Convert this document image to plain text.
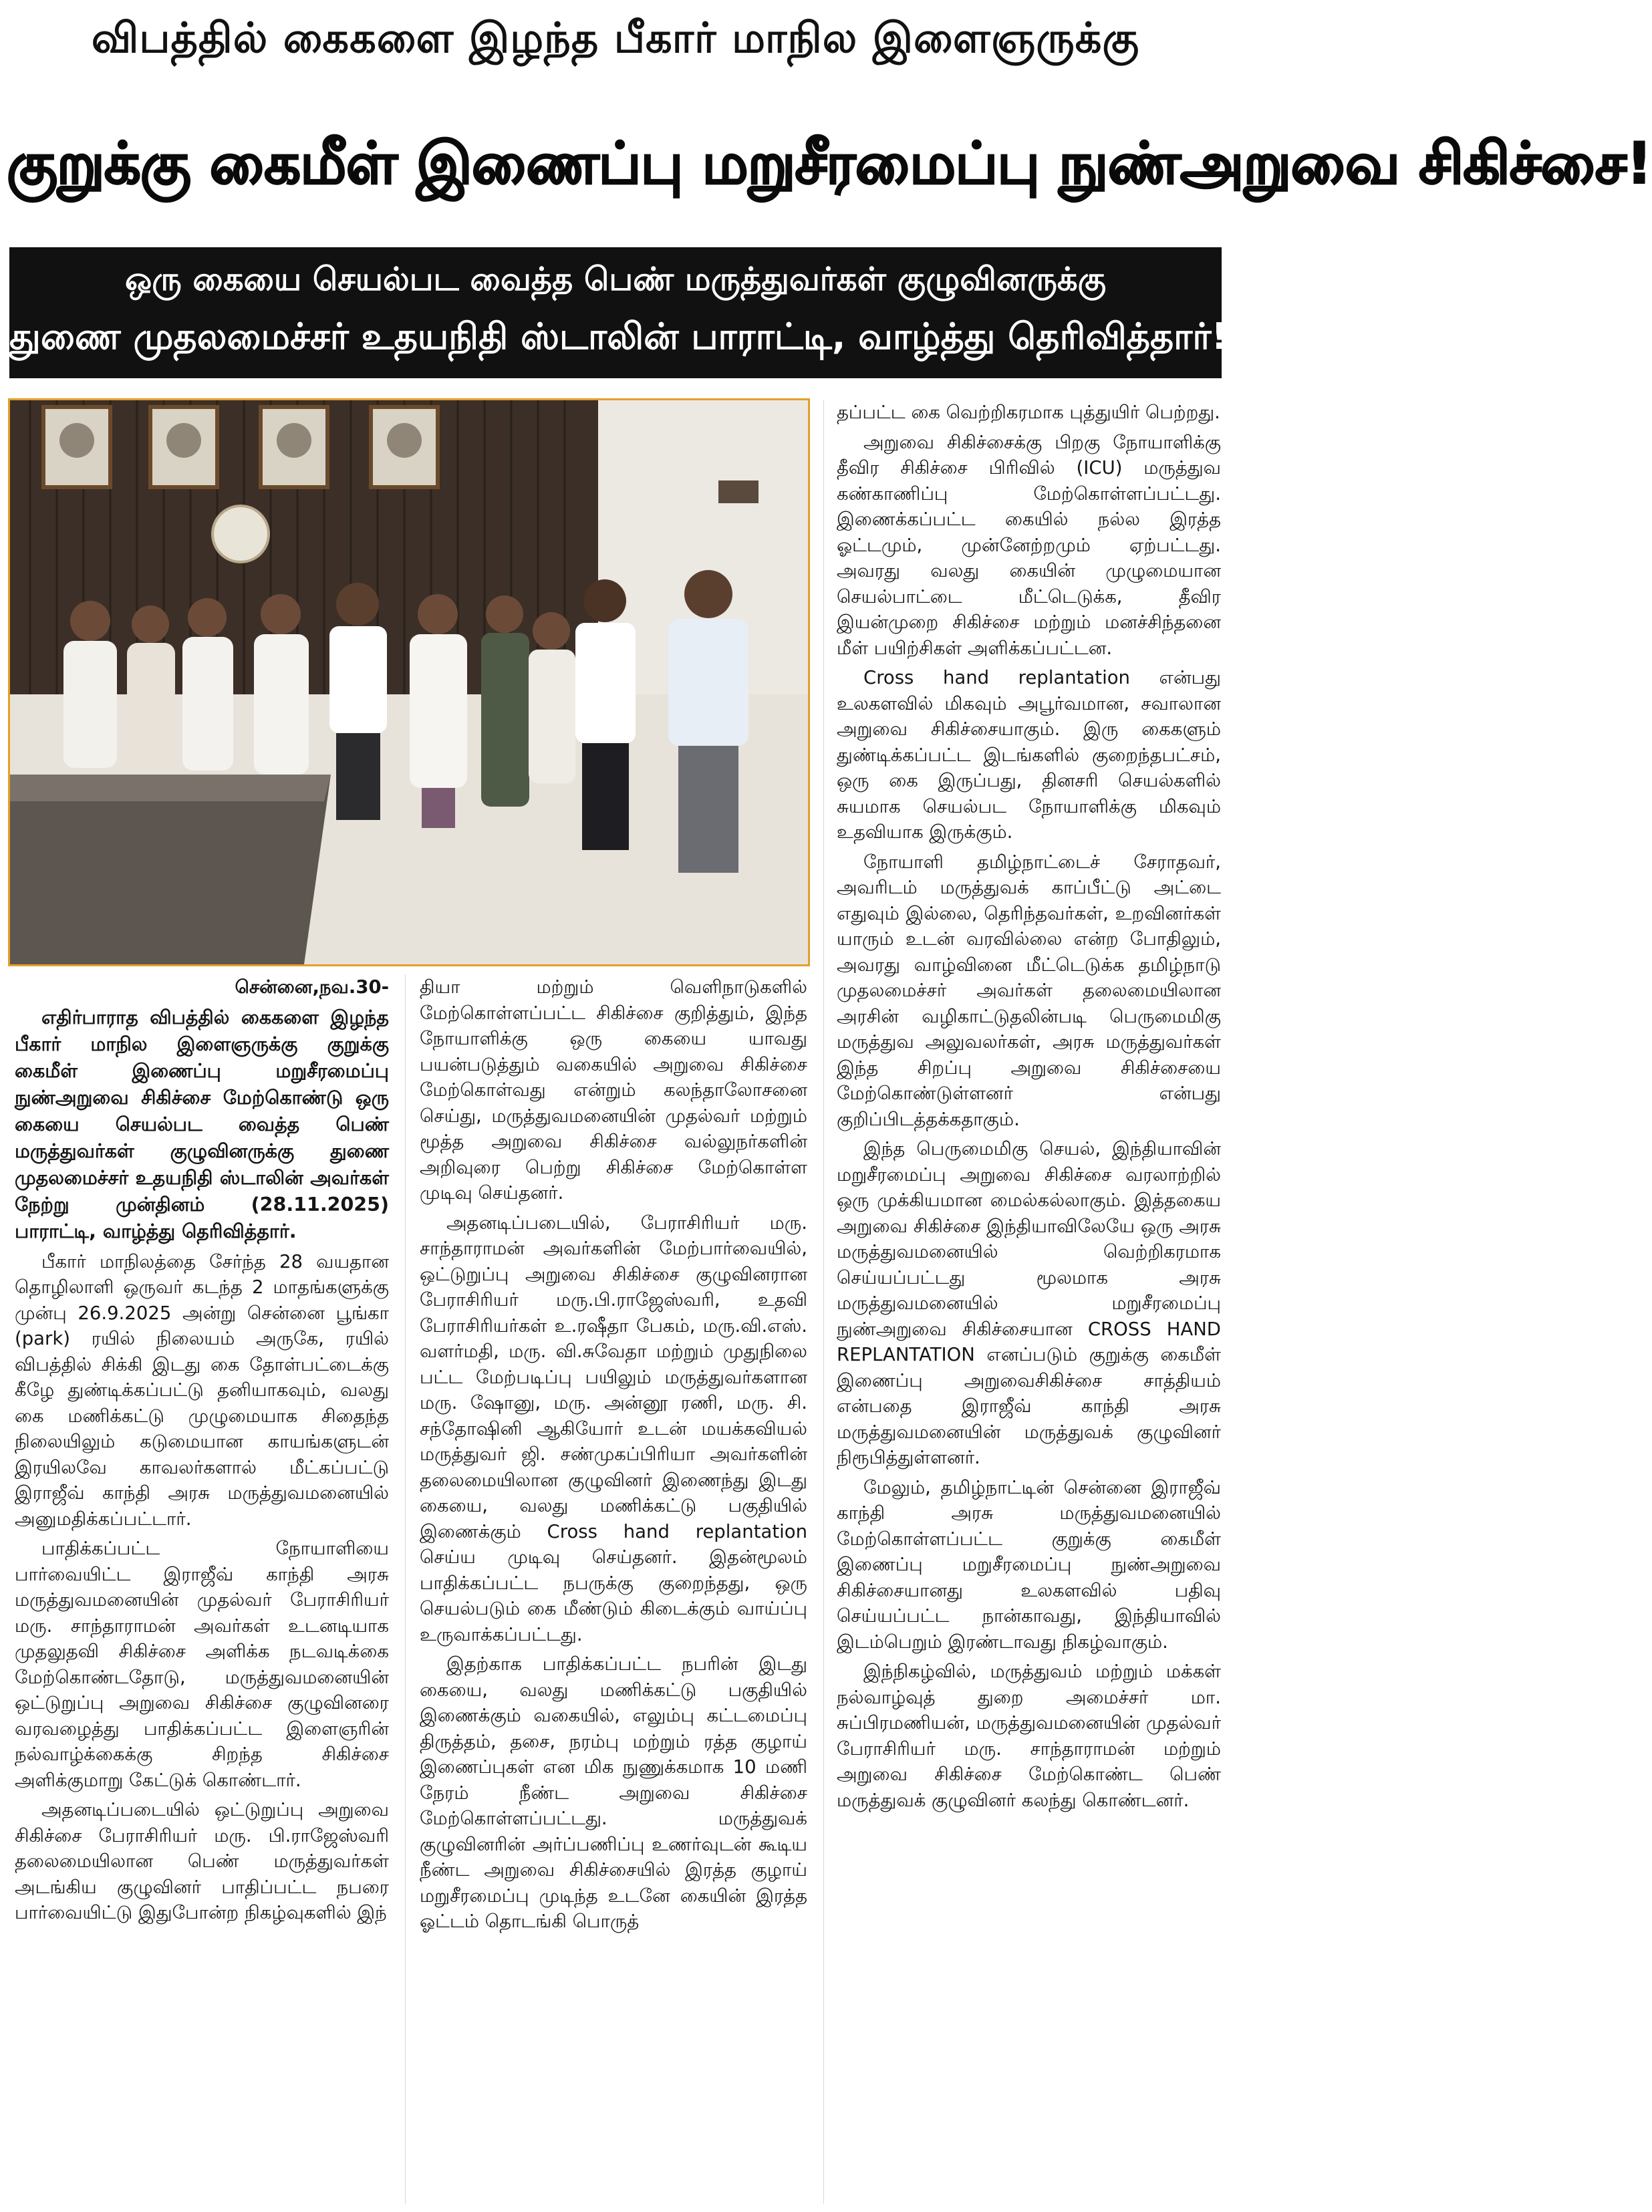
விபத்தில் கைகளை இழந்த பீகார் மாநில இளைஞருக்கு
குறுக்கு கைமீள் இணைப்பு மறுசீரமைப்பு நுண்அறுவை சிகிச்சை!
ஒரு கையை செயல்பட வைத்த பெண் மருத்துவர்கள் குழுவினருக்கு
துணை முதலமைச்சர் உதயநிதி ஸ்டாலின் பாராட்டி, வாழ்த்து தெரிவித்தார்!

சென்னை,நவ.30-

எதிர்பாராத விபத்தில் கைகளை இழந்த பீகார் மாநில இளைஞருக்கு குறுக்கு கைமீள் இணைப்பு மறுசீரமைப்பு நுண்அறுவை சிகிச்சை மேற்கொண்டு ஒரு கையை செயல்பட வைத்த பெண் மருத்துவர்கள் குழுவினருக்கு துணை முதலமைச்சர் உதயநிதி ஸ்டாலின் அவர்கள் நேற்று முன்தினம் (28.11.2025) பாராட்டி, வாழ்த்து தெரிவித்தார்.

பீகார் மாநிலத்தை சேர்ந்த 28 வயதான தொழிலாளி ஒருவர் கடந்த 2 மாதங்களுக்கு முன்பு 26.9.2025 அன்று சென்னை பூங்கா (park) ரயில் நிலையம் அருகே, ரயில் விபத்தில் சிக்கி இடது கை தோள்பட்டைக்கு கீழே துண்டிக்கப்பட்டு தனியாகவும், வலது கை மணிக்கட்டு முழுமையாக சிதைந்த நிலையிலும் கடுமையான காயங்களுடன் இரயிலவே காவலர்களால் மீட்கப்பட்டு இராஜீவ் காந்தி அரசு மருத்துவமனையில் அனுமதிக்கப்பட்டார்.

பாதிக்கப்பட்ட நோயாளியை பார்வையிட்ட இராஜீவ் காந்தி அரசு மருத்துவமனையின் முதல்வர் பேராசிரியர் மரு. சாந்தாராமன் அவர்கள் உடனடியாக முதலுதவி சிகிச்சை அளிக்க நடவடிக்கை மேற்கொண்டதோடு, மருத்துவமனையின் ஒட்டுறுப்பு அறுவை சிகிச்சை குழுவினரை வரவழைத்து பாதிக்கப்பட்ட இளைஞரின் நல்வாழ்க்கைக்கு சிறந்த சிகிச்சை அளிக்குமாறு கேட்டுக் கொண்டார்.

அதனடிப்படையில் ஒட்டுறுப்பு அறுவை சிகிச்சை பேராசிரியர் மரு. பி.ராஜேஸ்வரி தலைமையிலான பெண் மருத்துவர்கள் அடங்கிய குழுவினர் பாதிப்பட்ட நபரை பார்வையிட்டு இதுபோன்ற நிகழ்வுகளில் இந்

தியா மற்றும் வெளிநாடுகளில் மேற்கொள்ளப்பட்ட சிகிச்சை குறித்தும், இந்த நோயாளிக்கு ஒரு கையை யாவது பயன்படுத்தும் வகையில் அறுவை சிகிச்சை மேற்கொள்வது என்றும் கலந்தாலோசனை செய்து, மருத்துவமனையின் முதல்வர் மற்றும் மூத்த அறுவை சிகிச்சை வல்லுநர்களின் அறிவுரை பெற்று சிகிச்சை மேற்கொள்ள முடிவு செய்தனர்.

அதனடிப்படையில், பேராசிரியர் மரு. சாந்தாராமன் அவர்களின் மேற்பார்வையில், ஒட்டுறுப்பு அறுவை சிகிச்சை குழுவினரான பேராசிரியர் மரு.பி.ராஜேஸ்வரி, உதவி பேராசிரியர்கள் உ.ரஷீதா பேகம், மரு.வி.எஸ். வளர்மதி, மரு. வி.சுவேதா மற்றும் முதுநிலை பட்ட மேற்படிப்பு பயிலும் மருத்துவர்களான மரு. ஷோனு, மரு. அன்னூ ரணி, மரு. சி. சந்தோஷினி ஆகியோர் உடன் மயக்கவியல் மருத்துவர் ஜி. சண்முகப்பிரியா அவர்களின் தலைமையிலான குழுவினர் இணைந்து இடது கையை, வலது மணிக்கட்டு பகுதியில் இணைக்கும் Cross hand replantation செய்ய முடிவு செய்தனர். இதன்மூலம் பாதிக்கப்பட்ட நபருக்கு குறைந்தது, ஒரு செயல்படும் கை மீண்டும் கிடைக்கும் வாய்ப்பு உருவாக்கப்பட்டது.

இதற்காக பாதிக்கப்பட்ட நபரின் இடது கையை, வலது மணிக்கட்டு பகுதியில் இணைக்கும் வகையில், எலும்பு கட்டமைப்பு திருத்தம், தசை, நரம்பு மற்றும் ரத்த குழாய் இணைப்புகள் என மிக நுணுக்கமாக 10 மணி நேரம் நீண்ட அறுவை சிகிச்சை மேற்கொள்ளப்பட்டது. மருத்துவக் குழுவினரின் அர்ப்பணிப்பு உணர்வுடன் கூடிய நீண்ட அறுவை சிகிச்சையில் இரத்த குழாய் மறுசீரமைப்பு முடிந்த உடனே கையின் இரத்த ஓட்டம் தொடங்கி பொருத்

தப்பட்ட கை வெற்றிகரமாக புத்துயிர் பெற்றது.

அறுவை சிகிச்சைக்கு பிறகு நோயாளிக்கு தீவிர சிகிச்சை பிரிவில் (ICU) மருத்துவ கண்காணிப்பு மேற்கொள்ளப்பட்டது. இணைக்கப்பட்ட கையில் நல்ல இரத்த ஓட்டமும், முன்னேற்றமும் ஏற்பட்டது. அவரது வலது கையின் முழுமையான செயல்பாட்டை மீட்டெடுக்க, தீவிர இயன்முறை சிகிச்சை மற்றும் மனச்சிந்தனை மீள் பயிற்சிகள் அளிக்கப்பட்டன.

Cross hand replantation என்பது உலகளவில் மிகவும் அபூர்வமான, சவாலான அறுவை சிகிச்சையாகும். இரு கைகளும் துண்டிக்கப்பட்ட இடங்களில் குறைந்தபட்சம், ஒரு கை இருப்பது, தினசரி செயல்களில் சுயமாக செயல்பட நோயாளிக்கு மிகவும் உதவியாக இருக்கும்.

நோயாளி தமிழ்நாட்டைச் சேராதவர், அவரிடம் மருத்துவக் காப்பீட்டு அட்டை எதுவும் இல்லை, தெரிந்தவர்கள், உறவினர்கள் யாரும் உடன் வரவில்லை என்ற போதிலும், அவரது வாழ்வினை மீட்டெடுக்க தமிழ்நாடு முதலமைச்சர் அவர்கள் தலைமையிலான அரசின் வழிகாட்டுதலின்படி பெருமைமிகு மருத்துவ அலுவலர்கள், அரசு மருத்துவர்கள் இந்த சிறப்பு அறுவை சிகிச்சையை மேற்கொண்டுள்ளனர் என்பது குறிப்பிடத்தக்கதாகும்.

இந்த பெருமைமிகு செயல், இந்தியாவின் மறுசீரமைப்பு அறுவை சிகிச்சை வரலாற்றில் ஒரு முக்கியமான மைல்கல்லாகும். இத்தகைய அறுவை சிகிச்சை இந்தியாவிலேயே ஒரு அரசு மருத்துவமனையில் வெற்றிகரமாக செய்யப்பட்டது மூலமாக அரசு மருத்துவமனையில் மறுசீரமைப்பு நுண்அறுவை சிகிச்சையான CROSS HAND REPLANTATION எனப்படும் குறுக்கு கைமீள் இணைப்பு அறுவைசிகிச்சை சாத்தியம் என்பதை இராஜீவ் காந்தி அரசு மருத்துவமனையின் மருத்துவக் குழுவினர் நிரூபித்துள்ளனர்.

மேலும், தமிழ்நாட்டின் சென்னை இராஜீவ் காந்தி அரசு மருத்துவமனையில் மேற்கொள்ளப்பட்ட குறுக்கு கைமீள் இணைப்பு மறுசீரமைப்பு நுண்அறுவை சிகிச்சையானது உலகளவில் பதிவு செய்யப்பட்ட நான்காவது, இந்தியாவில் இடம்பெறும் இரண்டாவது நிகழ்வாகும்.

இந்நிகழ்வில், மருத்துவம் மற்றும் மக்கள் நல்வாழ்வுத் துறை அமைச்சர் மா. சுப்பிரமணியன், மருத்துவமனையின் முதல்வர் பேராசிரியர் மரு. சாந்தாராமன் மற்றும் அறுவை சிகிச்சை மேற்கொண்ட பெண் மருத்துவக் குழுவினர் கலந்து கொண்டனர்.
